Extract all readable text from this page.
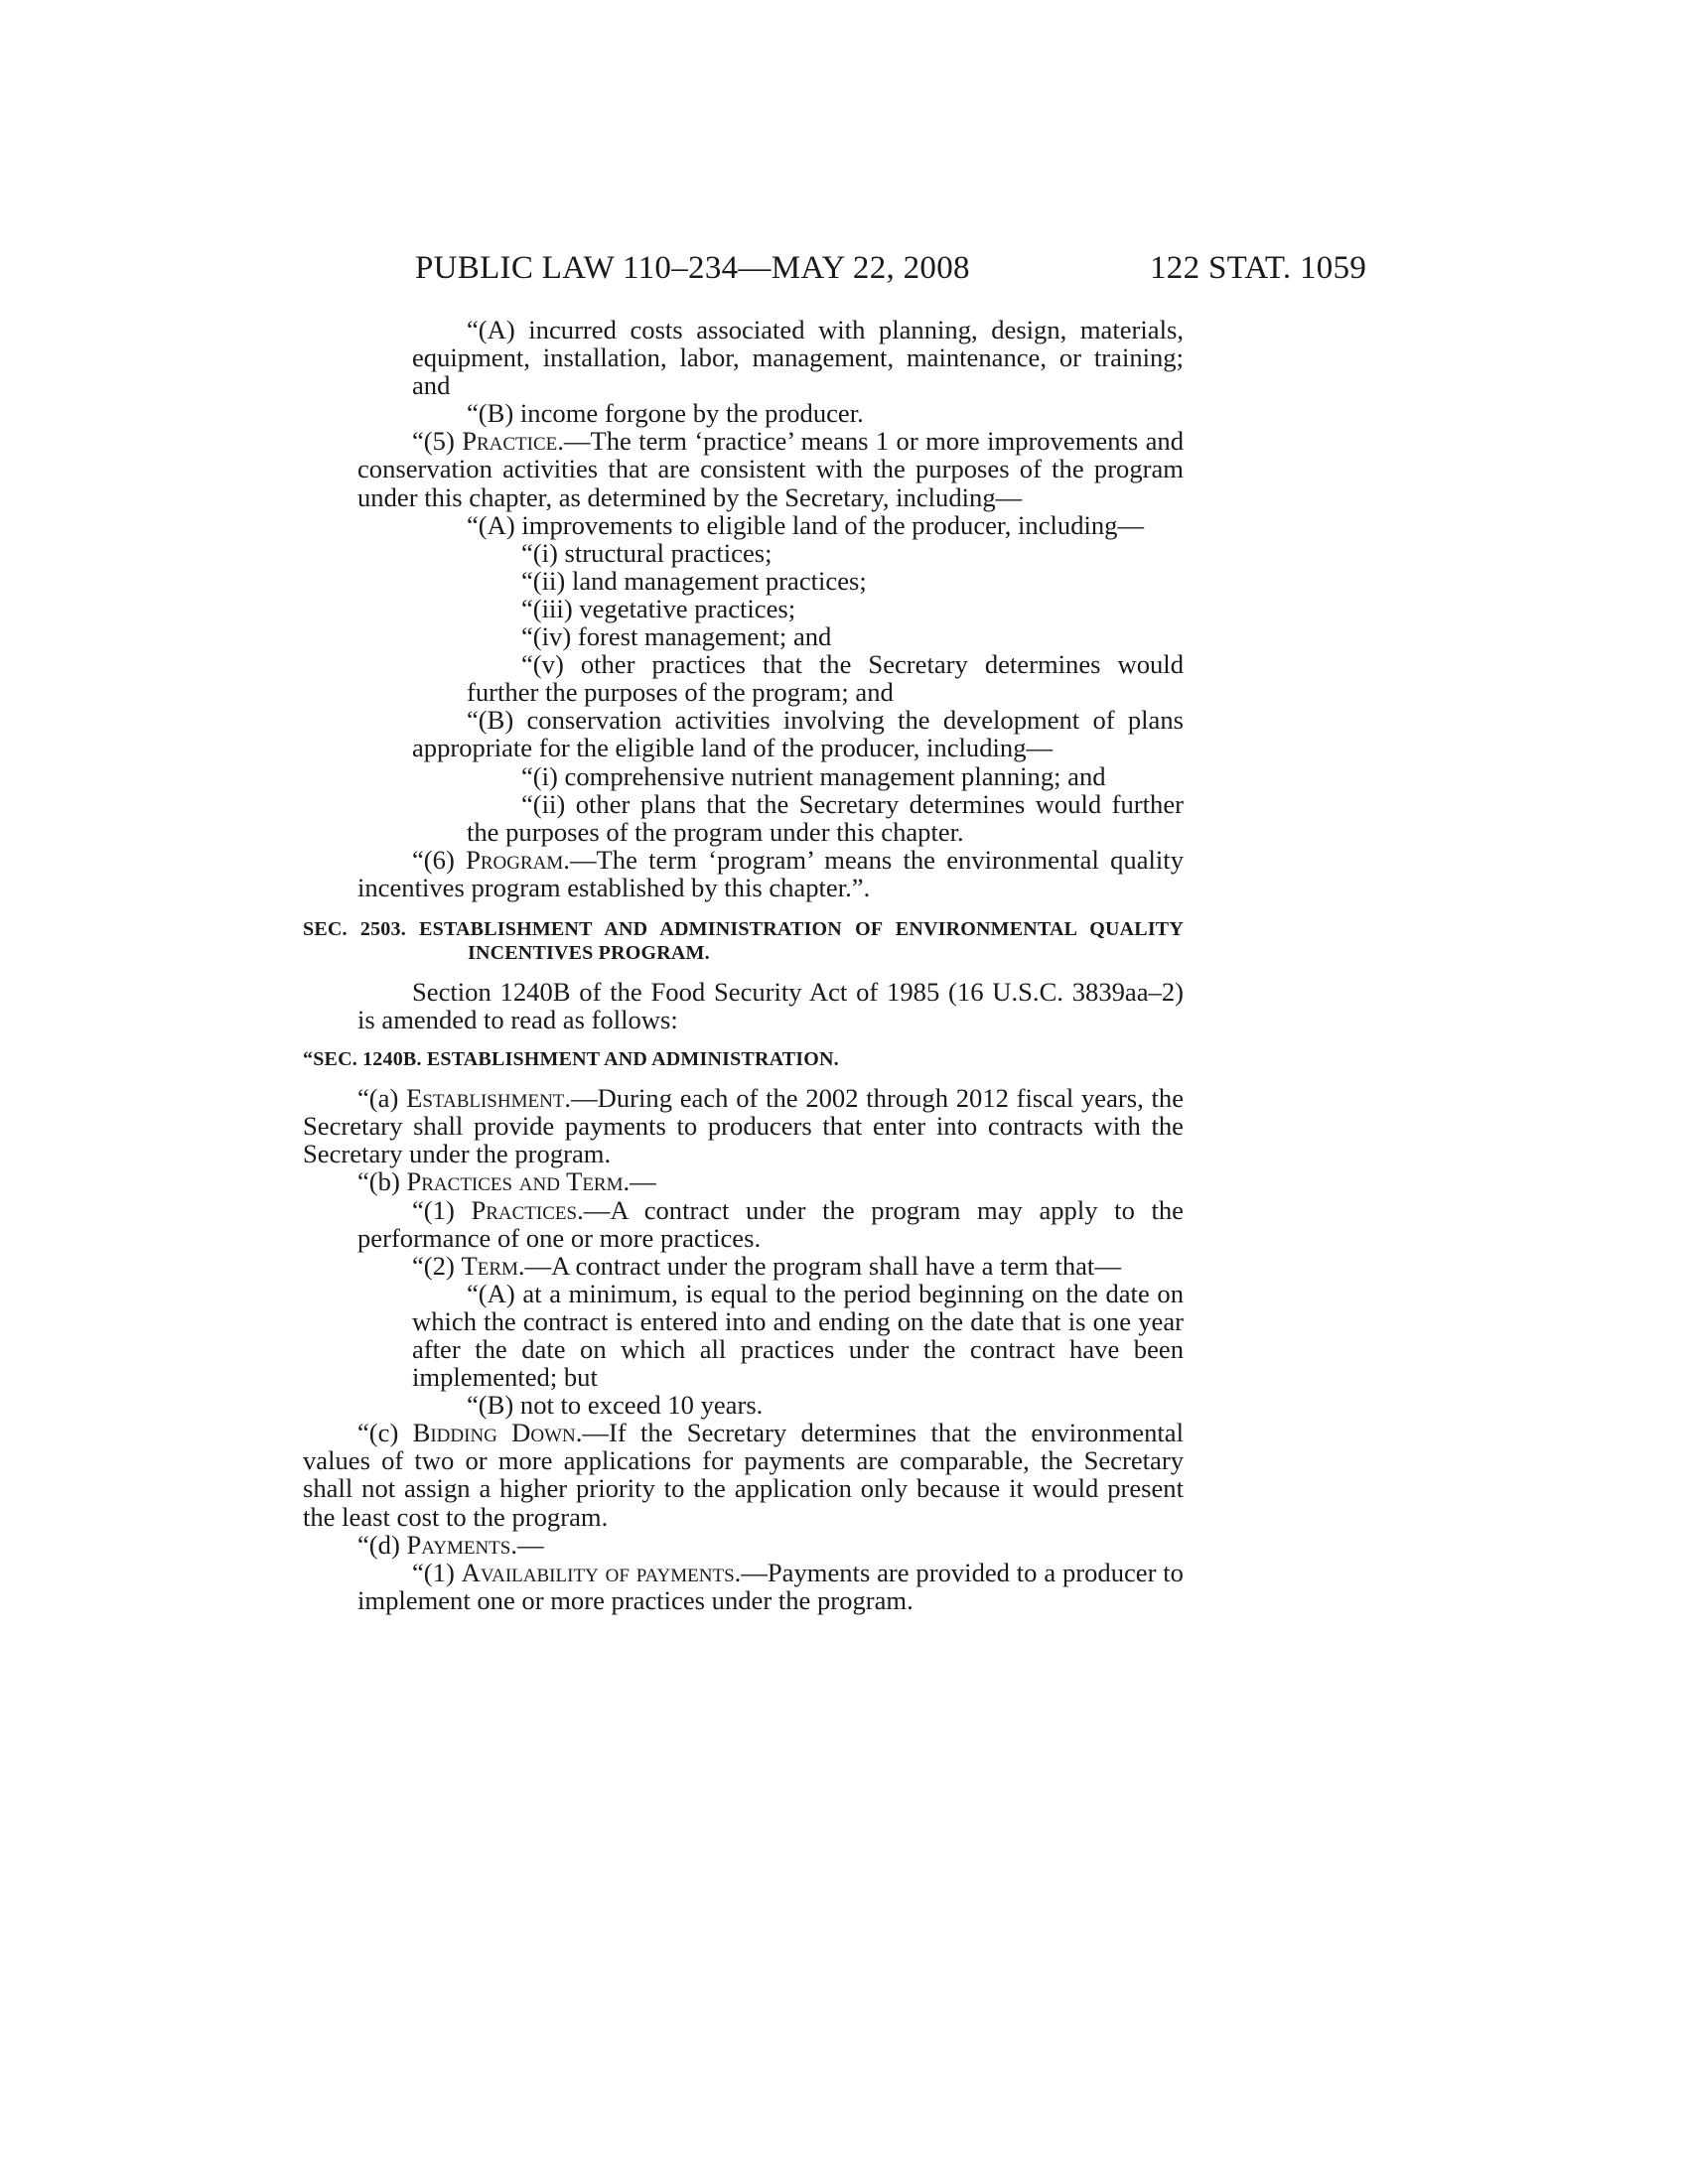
PUBLIC LAW 110–234—MAY 22, 2008	122 STAT. 1059

“(A) incurred costs associated with planning, design, materials, equipment, installation, labor, management, maintenance, or training; and

“(B) income forgone by the producer.

“(5) Practice.—The term ‘practice’ means 1 or more improvements and conservation activities that are consistent with the purposes of the program under this chapter, as determined by the Secretary, including—

“(A) improvements to eligible land of the producer, including—

“(i) structural practices;

“(ii) land management practices;

“(iii) vegetative practices;

“(iv) forest management; and

“(v) other practices that the Secretary determines would further the purposes of the program; and

“(B) conservation activities involving the development of plans appropriate for the eligible land of the producer, including—

“(i) comprehensive nutrient management planning; and

“(ii) other plans that the Secretary determines would further the purposes of the program under this chapter.

“(6) Program.—The term ‘program’ means the environmental quality incentives program established by this chapter.”.

SEC. 2503. ESTABLISHMENT AND ADMINISTRATION OF ENVIRONMENTAL QUALITY INCENTIVES PROGRAM.

Section 1240B of the Food Security Act of 1985 (16 U.S.C. 3839aa–2) is amended to read as follows:

“SEC. 1240B. ESTABLISHMENT AND ADMINISTRATION.

“(a) Establishment.—During each of the 2002 through 2012 fiscal years, the Secretary shall provide payments to producers that enter into contracts with the Secretary under the program.

“(b) Practices and Term.—

“(1) Practices.—A contract under the program may apply to the performance of one or more practices.

“(2) Term.—A contract under the program shall have a term that—

“(A) at a minimum, is equal to the period beginning on the date on which the contract is entered into and ending on the date that is one year after the date on which all practices under the contract have been implemented; but

“(B) not to exceed 10 years.

“(c) Bidding Down.—If the Secretary determines that the environmental values of two or more applications for payments are comparable, the Secretary shall not assign a higher priority to the application only because it would present the least cost to the program.

“(d) Payments.—

“(1) Availability of payments.—Payments are provided to a producer to implement one or more practices under the program.
